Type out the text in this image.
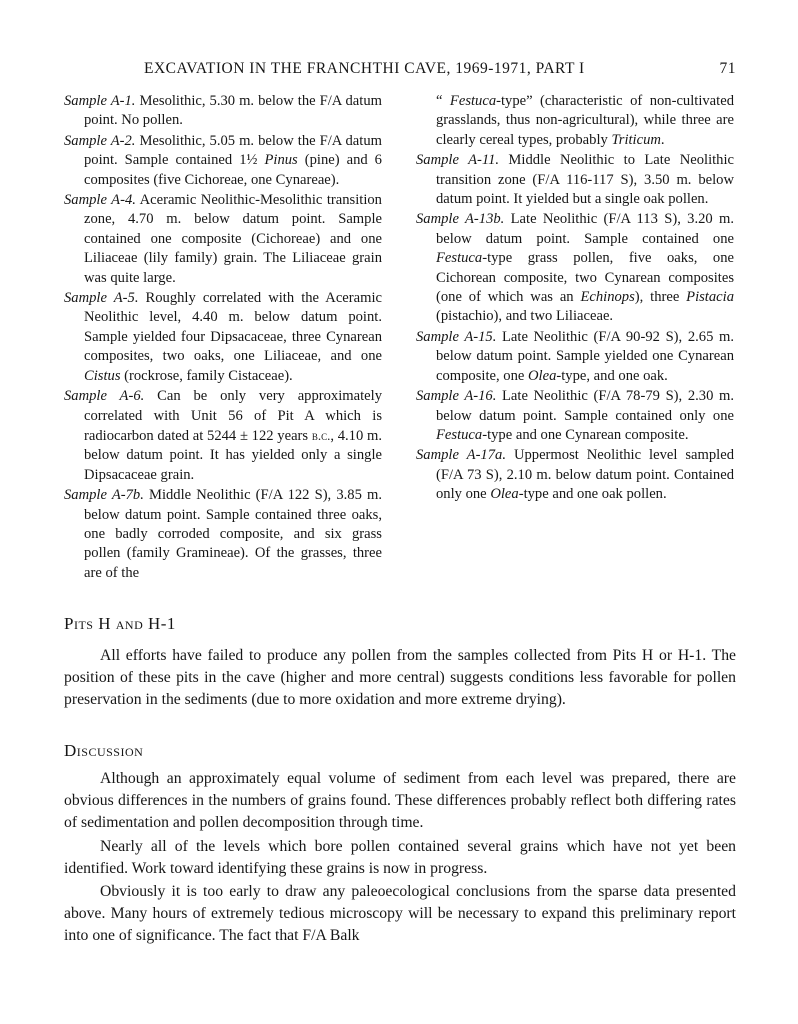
EXCAVATION IN THE FRANCHTHI CAVE, 1969-1971, PART I	71

Sample A-1. Mesolithic, 5.30 m. below the F/A datum point. No pollen.

Sample A-2. Mesolithic, 5.05 m. below the F/A datum point. Sample contained 1½ Pinus (pine) and 6 composites (five Cichoreae, one Cynareae).

Sample A-4. Aceramic Neolithic-Mesolithic transition zone, 4.70 m. below datum point. Sample contained one composite (Cichoreae) and one Liliaceae (lily family) grain. The Liliaceae grain was quite large.

Sample A-5. Roughly correlated with the Aceramic Neolithic level, 4.40 m. below datum point. Sample yielded four Dipsacaceae, three Cynarean composites, two oaks, one Liliaceae, and one Cistus (rockrose, family Cistaceae).

Sample A-6. Can be only very approximately correlated with Unit 56 of Pit A which is radiocarbon dated at 5244 ± 122 years b.c., 4.10 m. below datum point. It has yielded only a single Dipsacaceae grain.

Sample A-7b. Middle Neolithic (F/A 122 S), 3.85 m. below datum point. Sample contained three oaks, one badly corroded composite, and six grass pollen (family Gramineae). Of the grasses, three are of the

“ Festuca-type” (characteristic of non-cultivated grasslands, thus non-agricultural), while three are clearly cereal types, probably Triticum.

Sample A-11. Middle Neolithic to Late Neolithic transition zone (F/A 116-117 S), 3.50 m. below datum point. It yielded but a single oak pollen.

Sample A-13b. Late Neolithic (F/A 113 S), 3.20 m. below datum point. Sample contained one Festuca-type grass pollen, five oaks, one Cichorean composite, two Cynarean composites (one of which was an Echinops), three Pistacia (pistachio), and two Liliaceae.

Sample A-15. Late Neolithic (F/A 90-92 S), 2.65 m. below datum point. Sample yielded one Cynarean composite, one Olea-type, and one oak.

Sample A-16. Late Neolithic (F/A 78-79 S), 2.30 m. below datum point. Sample contained only one Festuca-type and one Cynarean composite.

Sample A-17a. Uppermost Neolithic level sampled (F/A 73 S), 2.10 m. below datum point. Contained only one Olea-type and one oak pollen.

Pits H and H-1

All efforts have failed to produce any pollen from the samples collected from Pits H or H-1. The position of these pits in the cave (higher and more central) suggests conditions less favorable for pollen preservation in the sediments (due to more oxidation and more extreme drying).

Discussion

Although an approximately equal volume of sediment from each level was prepared, there are obvious differences in the numbers of grains found. These differences probably reflect both differing rates of sedimentation and pollen decomposition through time.

Nearly all of the levels which bore pollen contained several grains which have not yet been identified. Work toward identifying these grains is now in progress.

Obviously it is too early to draw any paleoecological conclusions from the sparse data presented above. Many hours of extremely tedious microscopy will be necessary to expand this preliminary report into one of significance. The fact that F/A Balk
